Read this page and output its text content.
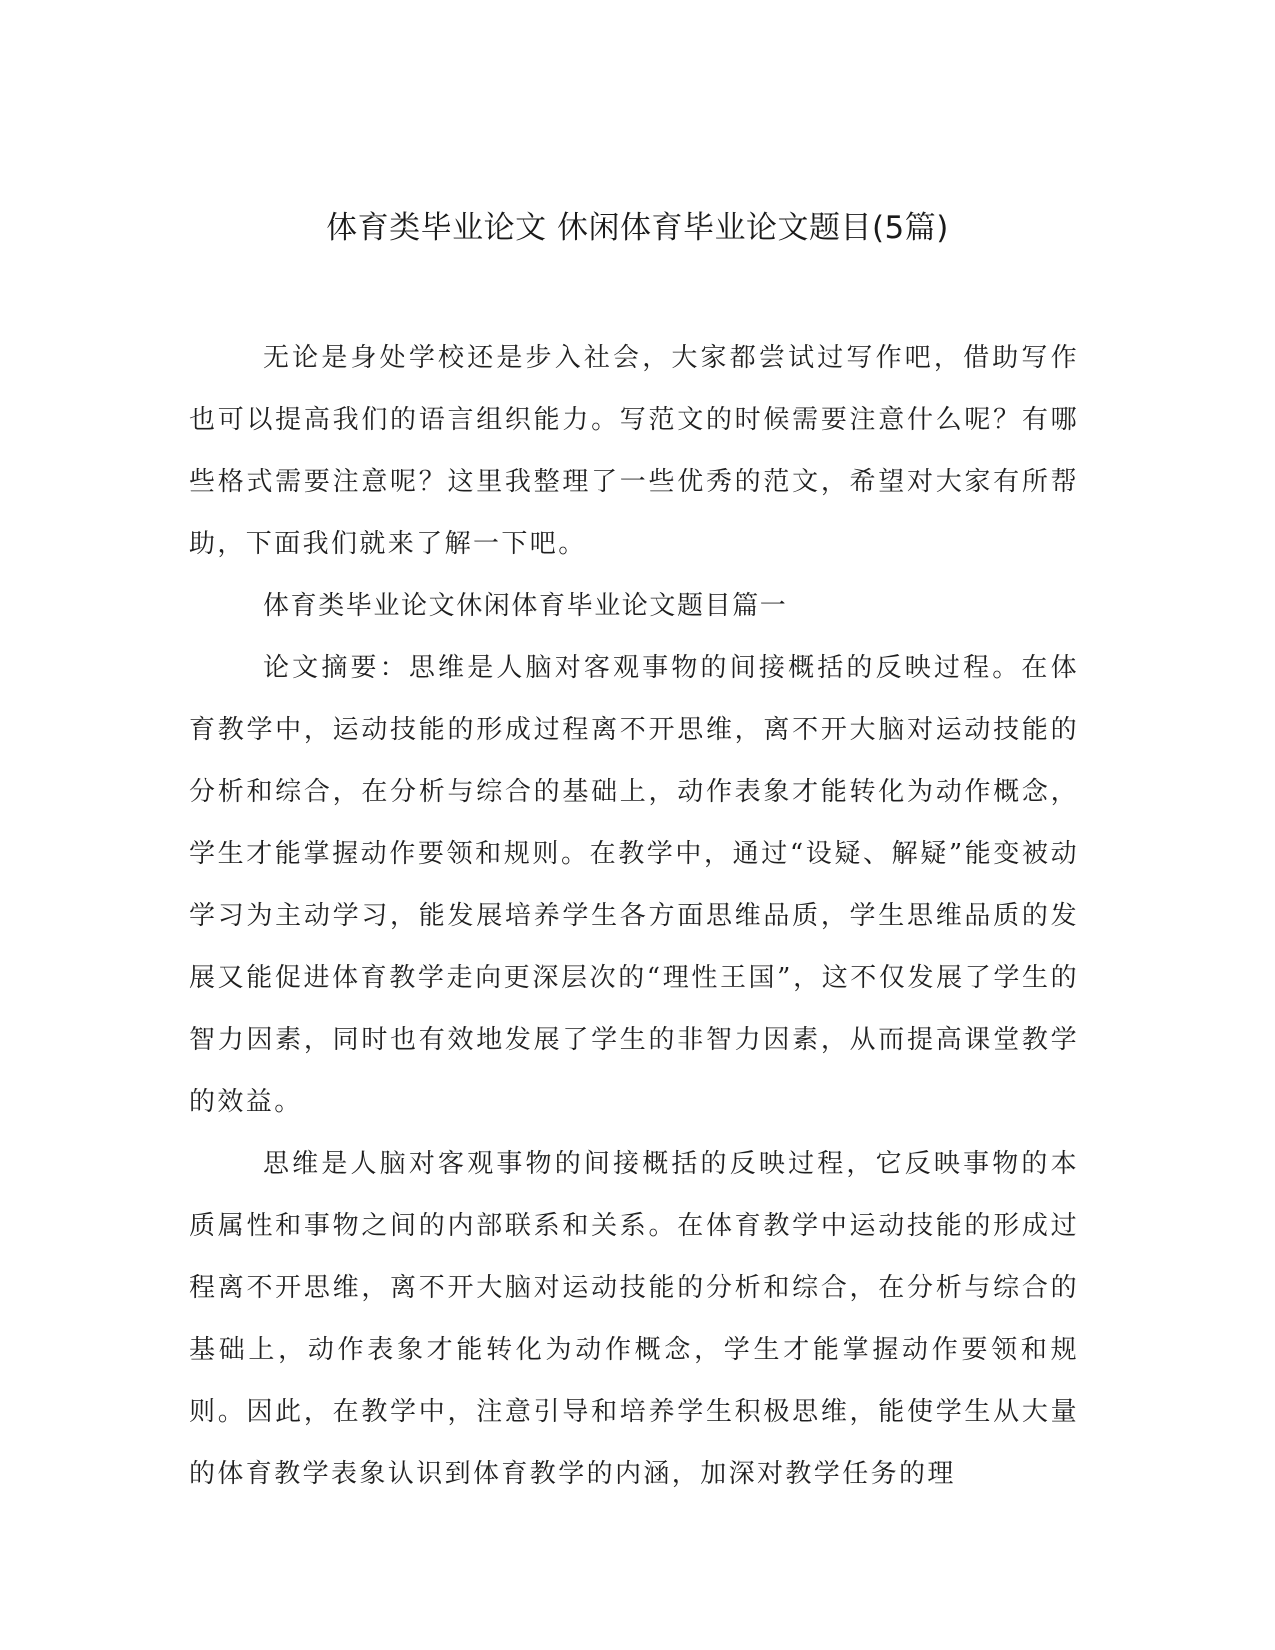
体育类毕业论文 休闲体育毕业论文题目(5篇)

无论是身处学校还是步入社会，大家都尝试过写作吧，借助写作也可以提高我们的语言组织能力。写范文的时候需要注意什么呢？有哪些格式需要注意呢？这里我整理了一些优秀的范文，希望对大家有所帮助，下面我们就来了解一下吧。

体育类毕业论文休闲体育毕业论文题目篇一

论文摘要：思维是人脑对客观事物的间接概括的反映过程。在体育教学中，运动技能的形成过程离不开思维，离不开大脑对运动技能的分析和综合，在分析与综合的基础上，动作表象才能转化为动作概念，学生才能掌握动作要领和规则。在教学中，通过“设疑、解疑”能变被动学习为主动学习，能发展培养学生各方面思维品质，学生思维品质的发展又能促进体育教学走向更深层次的“理性王国”，这不仅发展了学生的智力因素，同时也有效地发展了学生的非智力因素，从而提高课堂教学的效益。

思维是人脑对客观事物的间接概括的反映过程，它反映事物的本质属性和事物之间的内部联系和关系。在体育教学中运动技能的形成过程离不开思维，离不开大脑对运动技能的分析和综合，在分析与综合的基础上，动作表象才能转化为动作概念，学生才能掌握动作要领和规则。因此，在教学中，注意引导和培养学生积极思维，能使学生从大量的体育教学表象认识到体育教学的内涵，加深对教学任务的理
